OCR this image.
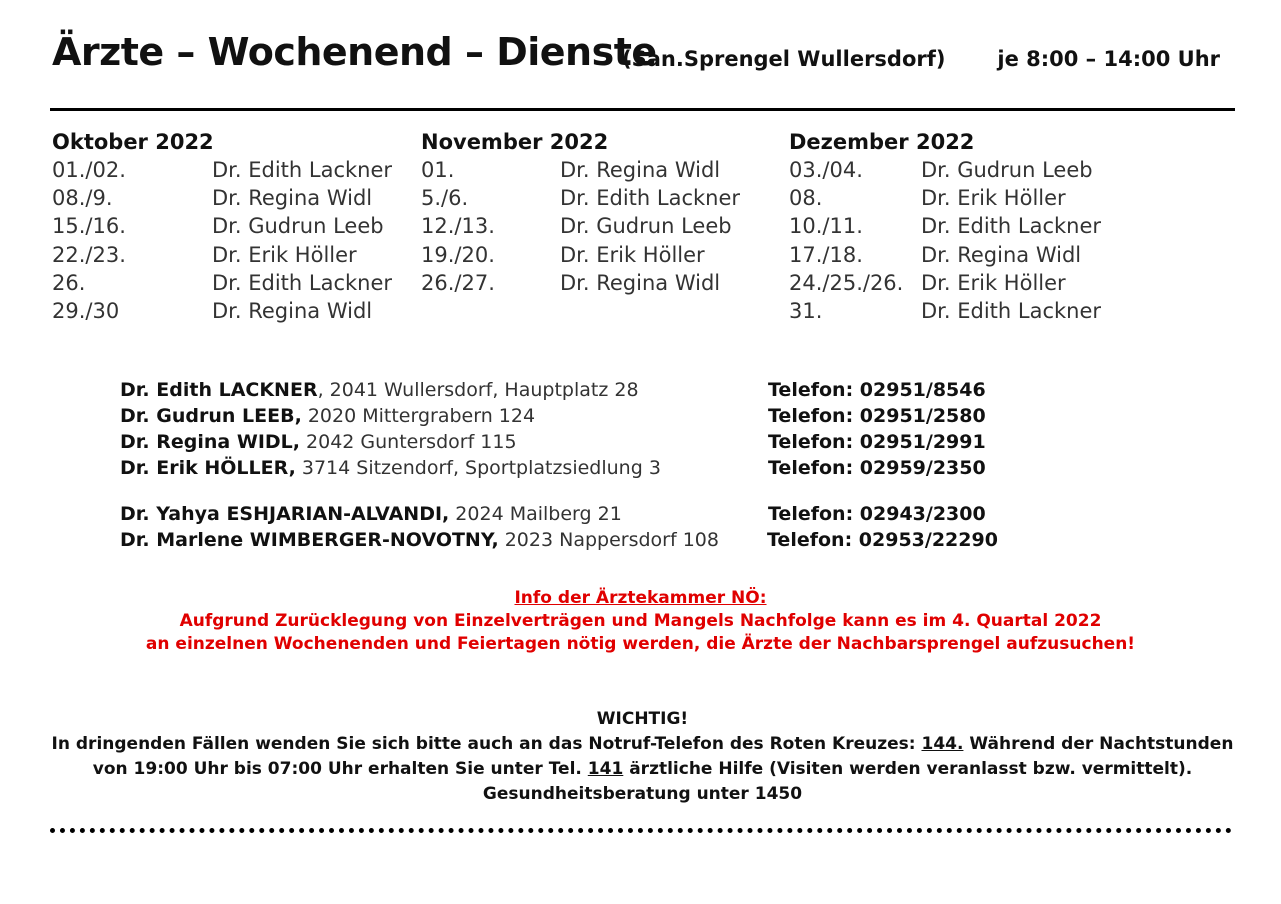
Ärzte – Wochenend – Dienste
(San.Sprengel Wullersdorf) je 8:00 – 14:00 Uhr
Oktober 2022
01./02.	Dr. Edith Lackner
08./9.	Dr. Regina Widl
15./16.	Dr. Gudrun Leeb
22./23.	Dr. Erik Höller
26.	Dr. Edith Lackner
29./30	Dr. Regina Widl
November 2022
01.	Dr. Regina Widl
5./6.	Dr. Edith Lackner
12./13.	Dr. Gudrun Leeb
19./20.	Dr. Erik Höller
26./27.	Dr. Regina Widl
Dezember 2022
03./04.	Dr. Gudrun Leeb
08.	Dr. Erik Höller
10./11.	Dr. Edith Lackner
17./18.	Dr. Regina Widl
24./25./26. Dr. Erik Höller
31.	Dr. Edith Lackner
Dr. Edith LACKNER, 2041 Wullersdorf, Hauptplatz 28	Telefon: 02951/8546
Dr. Gudrun LEEB, 2020 Mittergrabern 124	Telefon: 02951/2580
Dr. Regina WIDL, 2042 Guntersdorf 115	Telefon: 02951/2991
Dr. Erik HÖLLER, 3714 Sitzendorf, Sportplatzsiedlung 3	Telefon: 02959/2350
Dr. Yahya ESHJARIAN-ALVANDI, 2024 Mailberg 21	Telefon: 02943/2300
Dr. Marlene WIMBERGER-NOVOTNY, 2023 Nappersdorf 108	Telefon: 02953/22290
Info der Ärztekammer NÖ:
Aufgrund Zurücklegung von Einzelverträgen und Mangels Nachfolge kann es im 4. Quartal 2022
an einzelnen Wochenenden und Feiertagen nötig werden, die Ärzte der Nachbarsprengel aufzusuchen!
WICHTIG!
In dringenden Fällen wenden Sie sich bitte auch an das Notruf-Telefon des Roten Kreuzes: 144. Während der Nachtstunden
von 19:00 Uhr bis 07:00 Uhr erhalten Sie unter Tel. 141 ärztliche Hilfe (Visiten werden veranlasst bzw. vermittelt).
Gesundheitsberatung unter 1450
